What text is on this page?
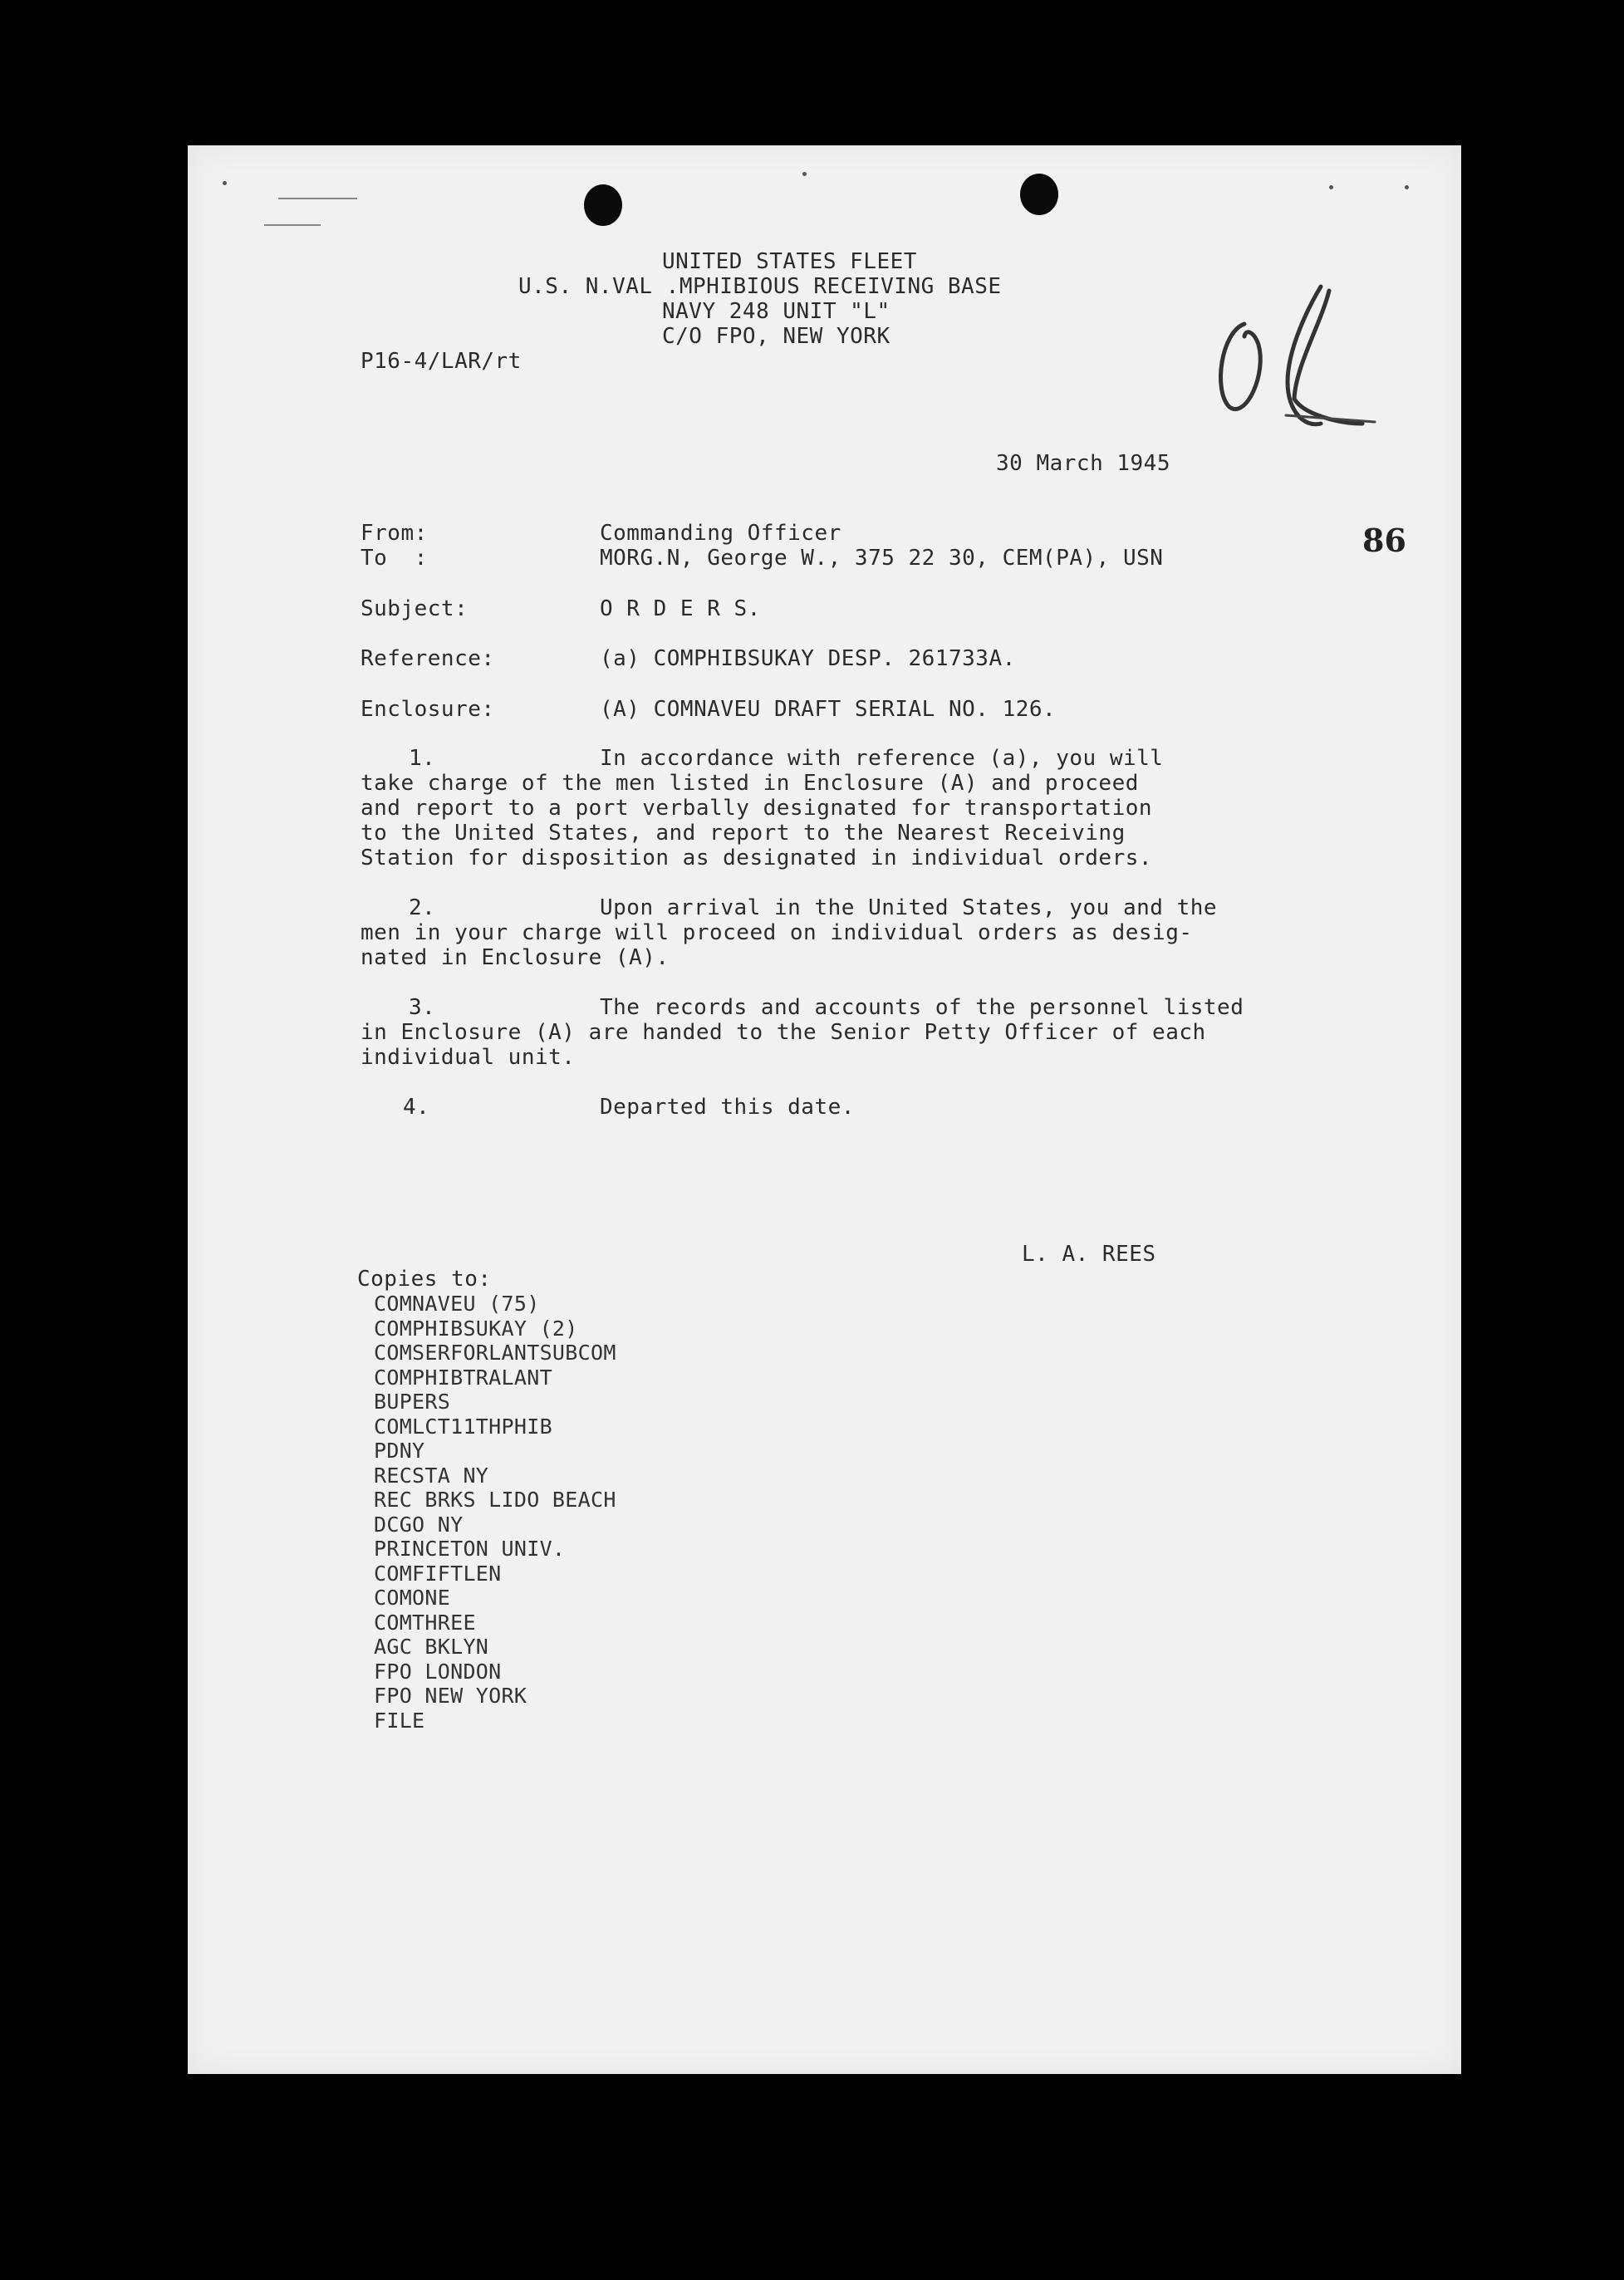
UNITED STATES FLEET
U.S. N.VAL .MPHIBIOUS RECEIVING BASE
NAVY 248 UNIT "L"
C/O FPO, NEW YORK
P16-4/LAR/rt
30 March 1945
86
From:	Commanding Officer
To  :	MORG.N, George W., 375 22 30, CEM(PA), USN
Subject:	O R D E R S.
Reference:	(a) COMPHIBSUKAY DESP. 261733A.
Enclosure:	(A) COMNAVEU DRAFT SERIAL NO. 126.
1.	In accordance with reference (a), you will
take charge of the men listed in Enclosure (A) and proceed
and report to a port verbally designated for transportation
to the United States, and report to the Nearest Receiving
Station for disposition as designated in individual orders.
2.	Upon arrival in the United States, you and the
men in your charge will proceed on individual orders as desig-
nated in Enclosure (A).
3.	The records and accounts of the personnel listed
in Enclosure (A) are handed to the Senior Petty Officer of each
individual unit.
4.	Departed this date.
L. A. REES
Copies to:
COMNAVEU (75)
COMPHIBSUKAY (2)
COMSERFORLANTSUBCOM
COMPHIBTRALANT
BUPERS
COMLCT11THPHIB
PDNY
RECSTA NY
REC BRKS LIDO BEACH
DCGO NY
PRINCETON UNIV.
COMFIFTLEN
COMONE
COMTHREE
AGC BKLYN
FPO LONDON
FPO NEW YORK
FILE
